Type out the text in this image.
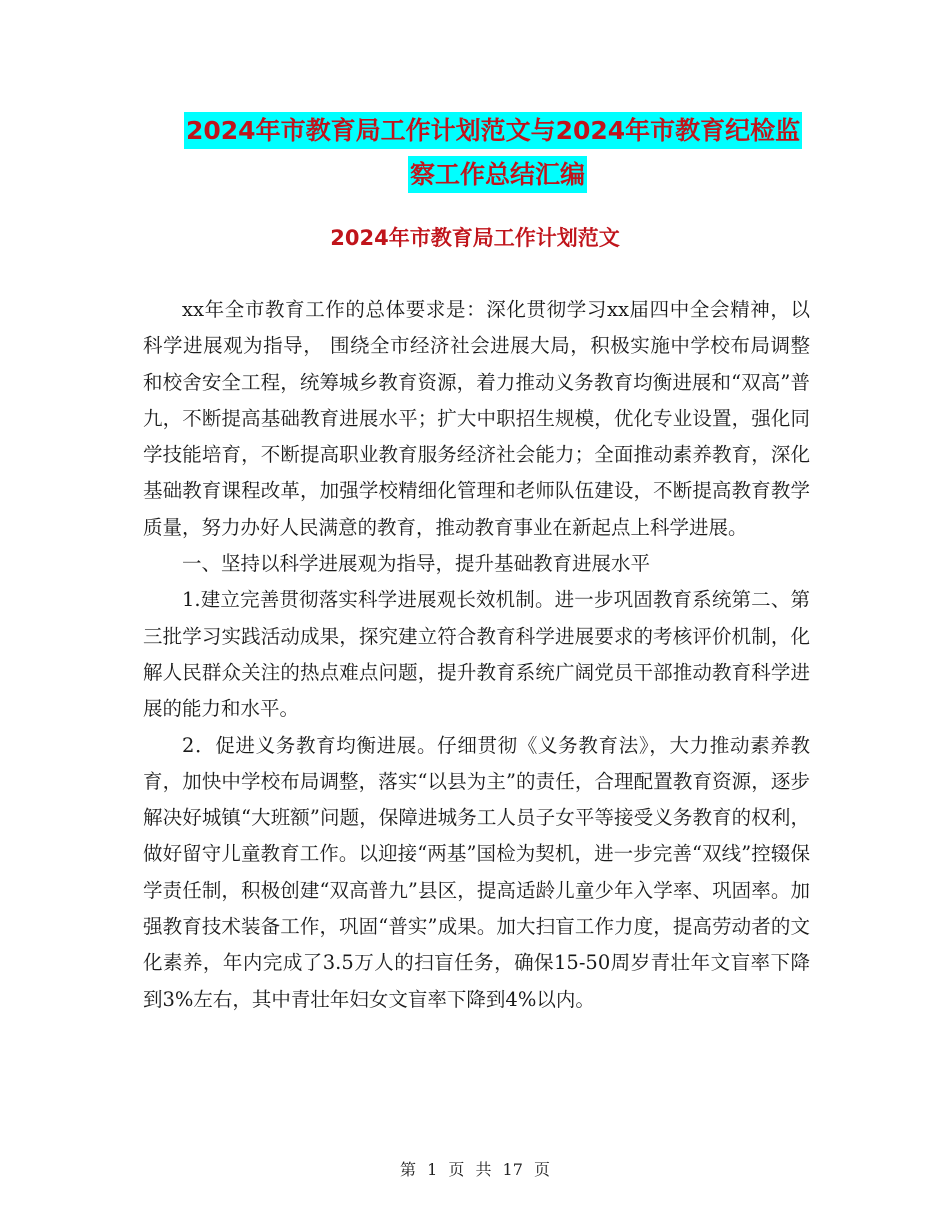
2024年市教育局工作计划范文与2024年市教育纪检监
察工作总结汇编
2024年市教育局工作计划范文

xx年全市教育工作的总体要求是：深化贯彻学习xx届四中全会精神，以科学进展观为指导， 围绕全市经济社会进展大局，积极实施中学校布局调整和校舍安全工程，统筹城乡教育资源，着力推动义务教育均衡进展和“双高”普九，不断提高基础教育进展水平；扩大中职招生规模，优化专业设置，强化同学技能培育，不断提高职业教育服务经济社会能力；全面推动素养教育，深化基础教育课程改革，加强学校精细化管理和老师队伍建设，不断提高教育教学质量，努力办好人民满意的教育，推动教育事业在新起点上科学进展。

一、坚持以科学进展观为指导，提升基础教育进展水平

1.建立完善贯彻落实科学进展观长效机制。进一步巩固教育系统第二、第三批学习实践活动成果，探究建立符合教育科学进展要求的考核评价机制，化解人民群众关注的热点难点问题，提升教育系统广阔党员干部推动教育科学进展的能力和水平。

2．促进义务教育均衡进展。仔细贯彻《义务教育法》，大力推动素养教育，加快中学校布局调整，落实“以县为主”的责任，合理配置教育资源，逐步解决好城镇“大班额”问题，保障进城务工人员子女平等接受义务教育的权利，做好留守儿童教育工作。以迎接“两基”国检为契机，进一步完善“双线”控辍保学责任制，积极创建“双高普九”县区，提高适龄儿童少年入学率、巩固率。加强教育技术装备工作，巩固“普实”成果。加大扫盲工作力度，提高劳动者的文化素养，年内完成了3.5万人的扫盲任务，确保15-50周岁青壮年文盲率下降到3%左右，其中青壮年妇女文盲率下降到4%以内。

第 1 页 共 17 页
